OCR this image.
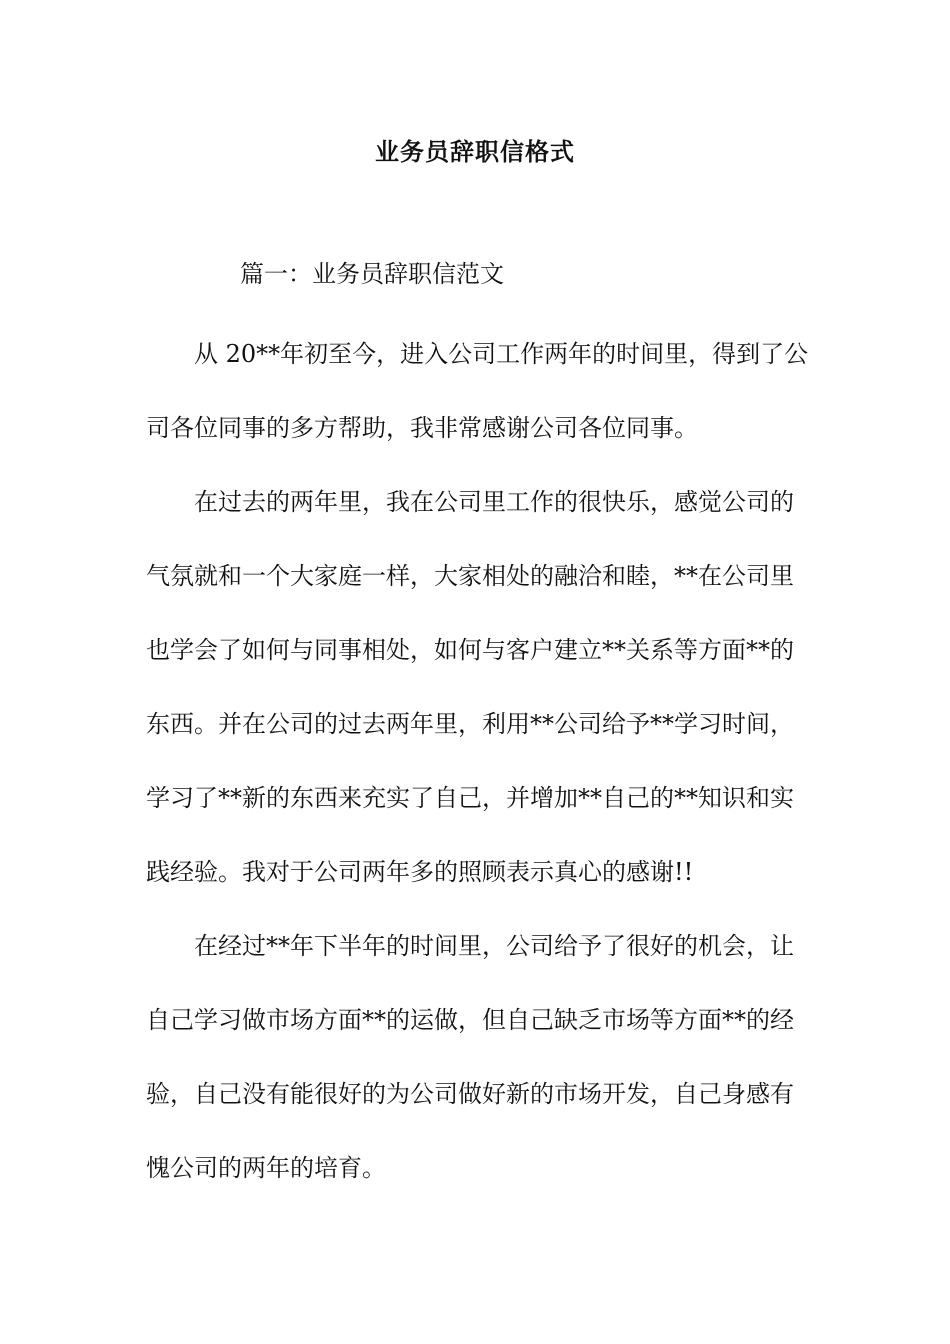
业务员辞职信格式
篇一：业务员辞职信范文
从 20**年初至今，进入公司工作两年的时间里，得到了公
司各位同事的多方帮助，我非常感谢公司各位同事。
在过去的两年里，我在公司里工作的很快乐，感觉公司的
气氛就和一个大家庭一样，大家相处的融洽和睦，**在公司里
也学会了如何与同事相处，如何与客户建立**关系等方面**的
东西。并在公司的过去两年里，利用**公司给予**学习时间，
学习了**新的东西来充实了自己，并增加**自己的**知识和实
践经验。我对于公司两年多的照顾表示真心的感谢!!
在经过**年下半年的时间里，公司给予了很好的机会，让
自己学习做市场方面**的运做，但自己缺乏市场等方面**的经
验，自己没有能很好的为公司做好新的市场开发，自己身感有
愧公司的两年的培育。
